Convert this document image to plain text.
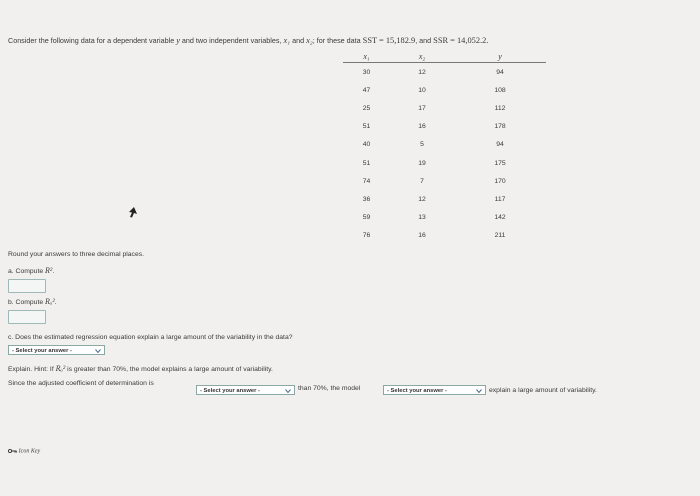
Consider the following data for a dependent variable y and two independent variables, x₁ and x₂; for these data SST = 15,182.9, and SSR = 14,052.2.
x₁	x₂	y
30	12	94
47	10	108
25	17	112
51	16	178
40	5	94
51	19	175
74	7	170
36	12	117
59	13	142
76	16	211
Round your answers to three decimal places.
a. Compute R².
b. Compute Rₐ².
c. Does the estimated regression equation explain a large amount of the variability in the data?
- Select your answer -
Explain. Hint: If Rₐ² is greater than 70%, the model explains a large amount of variability.
Since the adjusted coefficient of determination is
- Select your answer -	than 70%, the model	- Select your answer -	explain a large amount of variability.
Icon Key
